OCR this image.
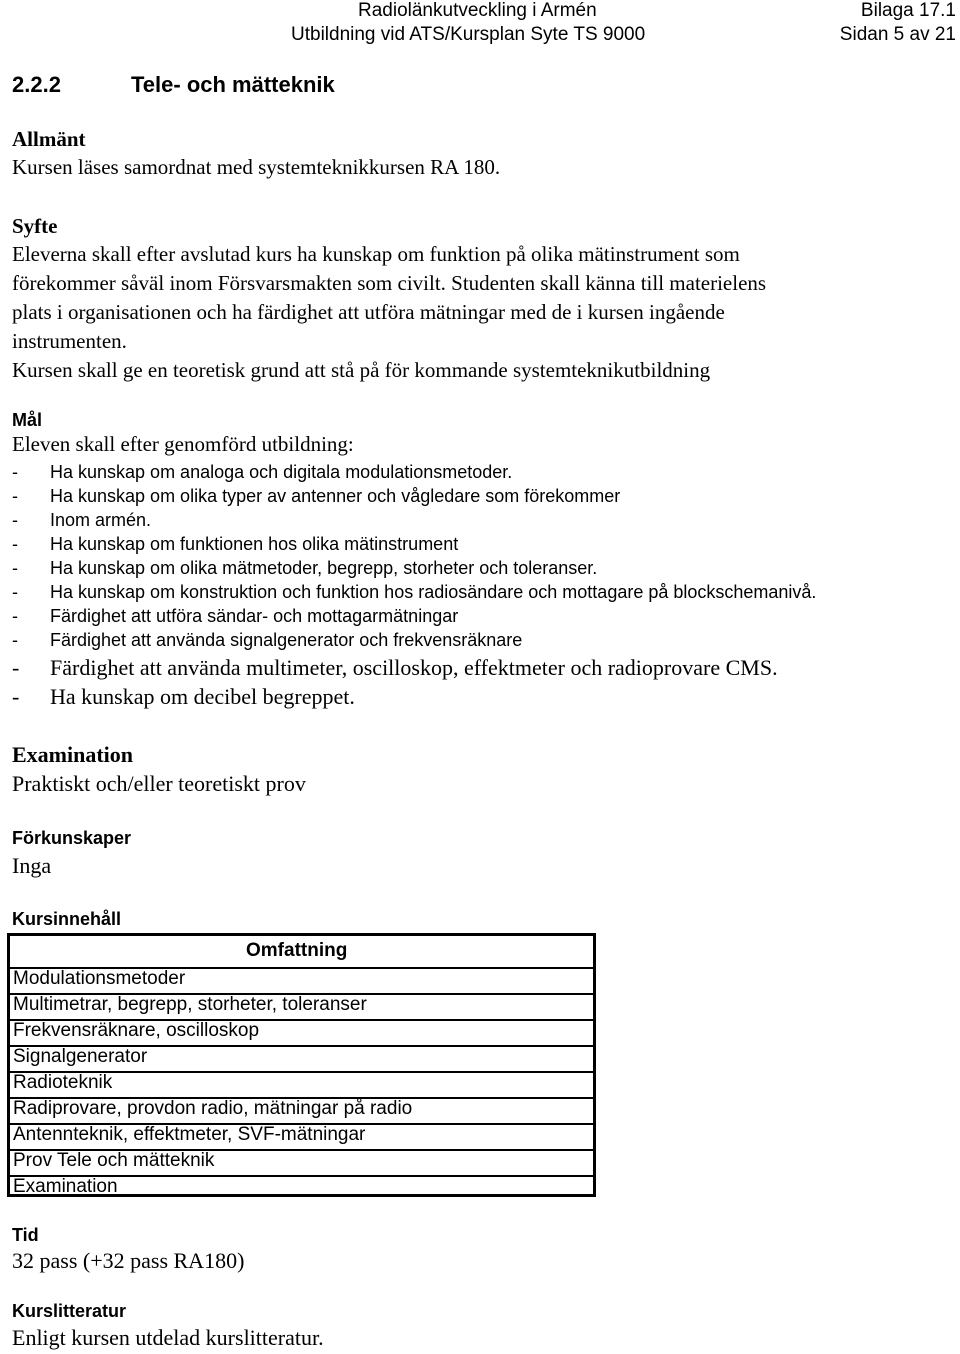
Radiolänkutveckling i Armén
Utbildning vid ATS/Kursplan Syte TS 9000
Bilaga 17.1
Sidan 5 av 21
2.2.2	Tele- och mätteknik
Allmänt
Kursen läses samordnat med systemteknikkursen RA 180.
Syfte
Eleverna skall efter avslutad kurs ha kunskap om funktion på olika mätinstrument som
förekommer såväl inom Försvarsmakten som civilt. Studenten skall känna till materielens
plats i organisationen och ha färdighet att utföra mätningar med de i kursen ingående
instrumenten.
Kursen skall ge en teoretisk grund att stå på för kommande systemteknikutbildning
Mål
Eleven skall efter genomförd utbildning:
- Ha kunskap om analoga och digitala modulationsmetoder.
- Ha kunskap om olika typer av antenner och vågledare som förekommer
- Inom armén.
- Ha kunskap om funktionen hos olika mätinstrument
- Ha kunskap om olika mätmetoder, begrepp, storheter och toleranser.
- Ha kunskap om konstruktion och funktion hos radiosändare och mottagare på blockschemanivå.
- Färdighet att utföra sändar- och mottagarmätningar
- Färdighet att använda signalgenerator och frekvensräknare
- Färdighet att använda multimeter, oscilloskop, effektmeter och radioprovare CMS.
- Ha kunskap om decibel begreppet.
Examination
Praktiskt och/eller teoretiskt prov
Förkunskaper
Inga
Kursinnehåll
Omfattning
Modulationsmetoder
Multimetrar, begrepp, storheter, toleranser
Frekvensräknare, oscilloskop
Signalgenerator
Radioteknik
Radiprovare, provdon radio, mätningar på radio
Antennteknik, effektmeter, SVF-mätningar
Prov Tele och mätteknik
Examination
Tid
32 pass (+32 pass RA180)
Kurslitteratur
Enligt kursen utdelad kurslitteratur.
